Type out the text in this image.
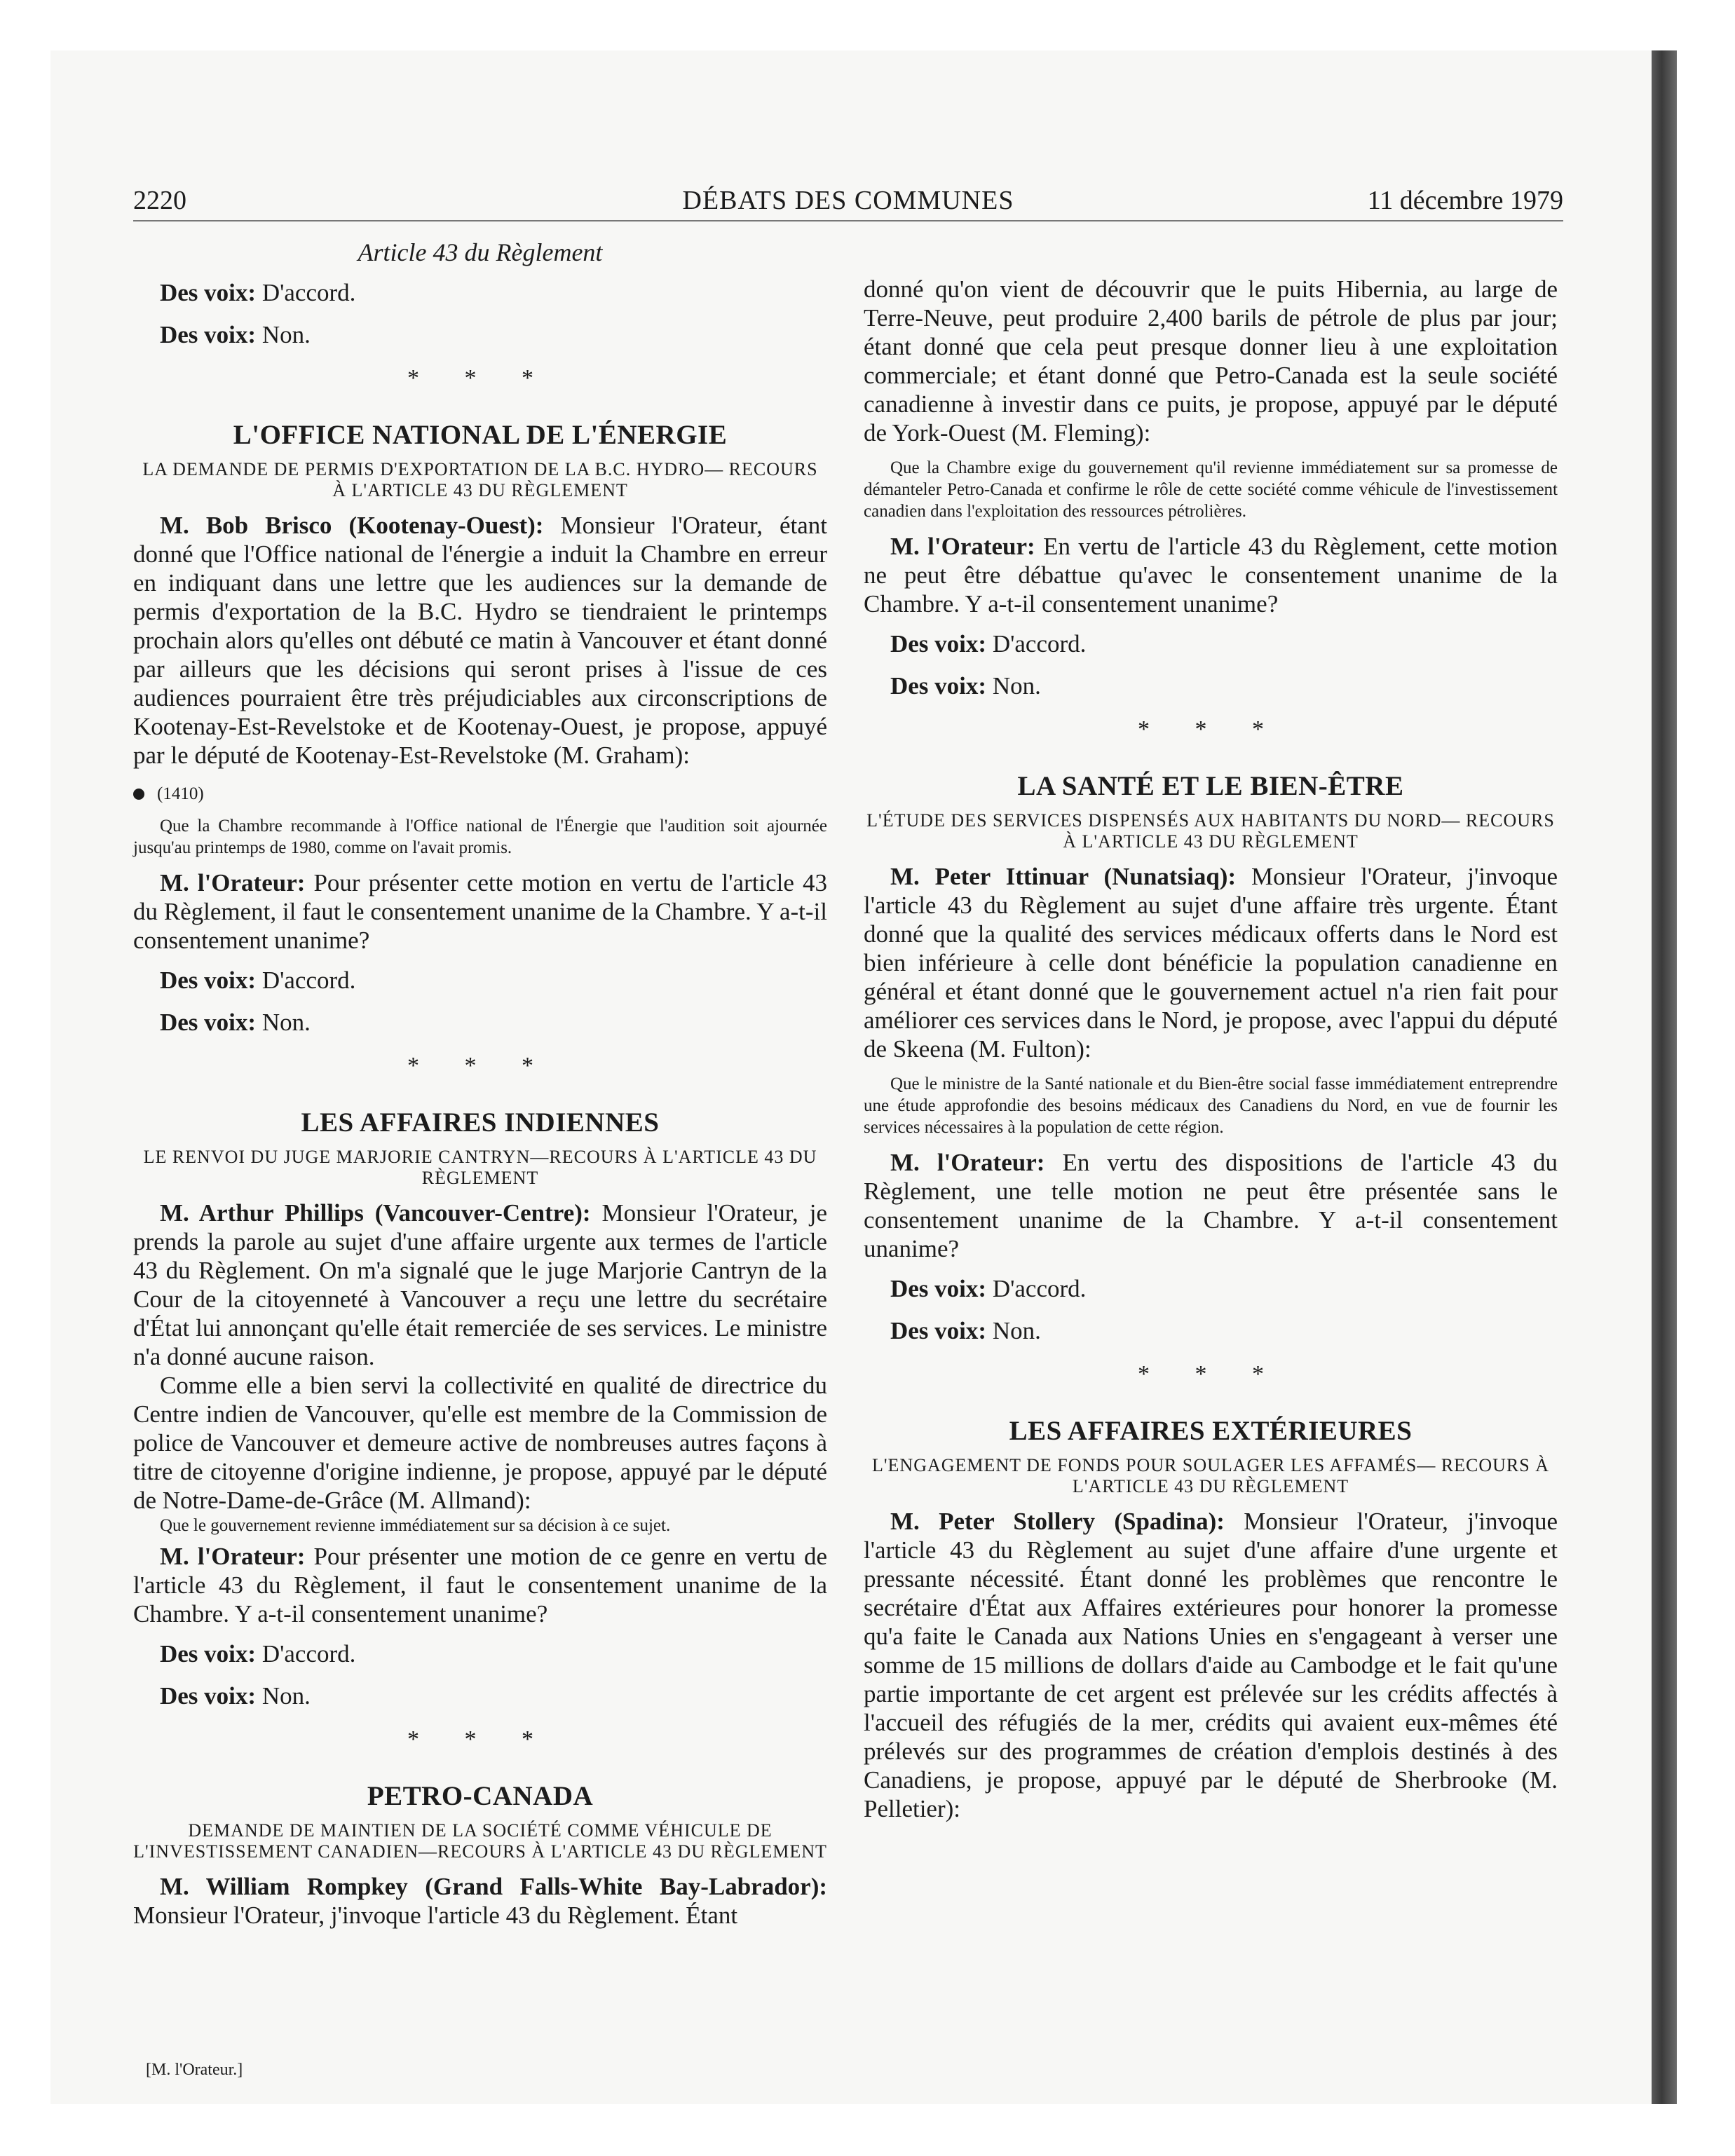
2220	DÉBATS DES COMMUNES	11 décembre 1979

Article 43 du Règlement

Des voix: D'accord.

Des voix: Non.

* * *

L'OFFICE NATIONAL DE L'ÉNERGIE

LA DEMANDE DE PERMIS D'EXPORTATION DE LA B.C. HYDRO— RECOURS À L'ARTICLE 43 DU RÈGLEMENT

M. Bob Brisco (Kootenay-Ouest): Monsieur l'Orateur, étant donné que l'Office national de l'énergie a induit la Chambre en erreur en indiquant dans une lettre que les audiences sur la demande de permis d'exportation de la B.C. Hydro se tiendraient le printemps prochain alors qu'elles ont débuté ce matin à Vancouver et étant donné par ailleurs que les décisions qui seront prises à l'issue de ces audiences pourraient être très préjudiciables aux circonscriptions de Kootenay-Est-Revelstoke et de Kootenay-Ouest, je propose, appuyé par le député de Kootenay-Est-Revelstoke (M. Graham):

(1410)

Que la Chambre recommande à l'Office national de l'Énergie que l'audition soit ajournée jusqu'au printemps de 1980, comme on l'avait promis.

M. l'Orateur: Pour présenter cette motion en vertu de l'article 43 du Règlement, il faut le consentement unanime de la Chambre. Y a-t-il consentement unanime?

Des voix: D'accord.

Des voix: Non.

* * *

LES AFFAIRES INDIENNES

LE RENVOI DU JUGE MARJORIE CANTRYN—RECOURS À L'ARTICLE 43 DU RÈGLEMENT

M. Arthur Phillips (Vancouver-Centre): Monsieur l'Orateur, je prends la parole au sujet d'une affaire urgente aux termes de l'article 43 du Règlement. On m'a signalé que le juge Marjorie Cantryn de la Cour de la citoyenneté à Vancouver a reçu une lettre du secrétaire d'État lui annonçant qu'elle était remerciée de ses services. Le ministre n'a donné aucune raison.

Comme elle a bien servi la collectivité en qualité de directrice du Centre indien de Vancouver, qu'elle est membre de la Commission de police de Vancouver et demeure active de nombreuses autres façons à titre de citoyenne d'origine indienne, je propose, appuyé par le député de Notre-Dame-de-Grâce (M. Allmand):

Que le gouvernement revienne immédiatement sur sa décision à ce sujet.

M. l'Orateur: Pour présenter une motion de ce genre en vertu de l'article 43 du Règlement, il faut le consentement unanime de la Chambre. Y a-t-il consentement unanime?

Des voix: D'accord.

Des voix: Non.

* * *

PETRO-CANADA

DEMANDE DE MAINTIEN DE LA SOCIÉTÉ COMME VÉHICULE DE L'INVESTISSEMENT CANADIEN—RECOURS À L'ARTICLE 43 DU RÈGLEMENT

M. William Rompkey (Grand Falls-White Bay-Labrador): Monsieur l'Orateur, j'invoque l'article 43 du Règlement. Étant

[M. l'Orateur.]

donné qu'on vient de découvrir que le puits Hibernia, au large de Terre-Neuve, peut produire 2,400 barils de pétrole de plus par jour; étant donné que cela peut presque donner lieu à une exploitation commerciale; et étant donné que Petro-Canada est la seule société canadienne à investir dans ce puits, je propose, appuyé par le député de York-Ouest (M. Fleming):

Que la Chambre exige du gouvernement qu'il revienne immédiatement sur sa promesse de démanteler Petro-Canada et confirme le rôle de cette société comme véhicule de l'investissement canadien dans l'exploitation des ressources pétrolières.

M. l'Orateur: En vertu de l'article 43 du Règlement, cette motion ne peut être débattue qu'avec le consentement unanime de la Chambre. Y a-t-il consentement unanime?

Des voix: D'accord.

Des voix: Non.

* * *

LA SANTÉ ET LE BIEN-ÊTRE

L'ÉTUDE DES SERVICES DISPENSÉS AUX HABITANTS DU NORD— RECOURS À L'ARTICLE 43 DU RÈGLEMENT

M. Peter Ittinuar (Nunatsiaq): Monsieur l'Orateur, j'invoque l'article 43 du Règlement au sujet d'une affaire très urgente. Étant donné que la qualité des services médicaux offerts dans le Nord est bien inférieure à celle dont bénéficie la population canadienne en général et étant donné que le gouvernement actuel n'a rien fait pour améliorer ces services dans le Nord, je propose, avec l'appui du député de Skeena (M. Fulton):

Que le ministre de la Santé nationale et du Bien-être social fasse immédiatement entreprendre une étude approfondie des besoins médicaux des Canadiens du Nord, en vue de fournir les services nécessaires à la population de cette région.

M. l'Orateur: En vertu des dispositions de l'article 43 du Règlement, une telle motion ne peut être présentée sans le consentement unanime de la Chambre. Y a-t-il consentement unanime?

Des voix: D'accord.

Des voix: Non.

* * *

LES AFFAIRES EXTÉRIEURES

L'ENGAGEMENT DE FONDS POUR SOULAGER LES AFFAMÉS— RECOURS À L'ARTICLE 43 DU RÈGLEMENT

M. Peter Stollery (Spadina): Monsieur l'Orateur, j'invoque l'article 43 du Règlement au sujet d'une affaire d'une urgente et pressante nécessité. Étant donné les problèmes que rencontre le secrétaire d'État aux Affaires extérieures pour honorer la promesse qu'a faite le Canada aux Nations Unies en s'engageant à verser une somme de 15 millions de dollars d'aide au Cambodge et le fait qu'une partie importante de cet argent est prélevée sur les crédits affectés à l'accueil des réfugiés de la mer, crédits qui avaient eux-mêmes été prélevés sur des programmes de création d'emplois destinés à des Canadiens, je propose, appuyé par le député de Sherbrooke (M. Pelletier):
